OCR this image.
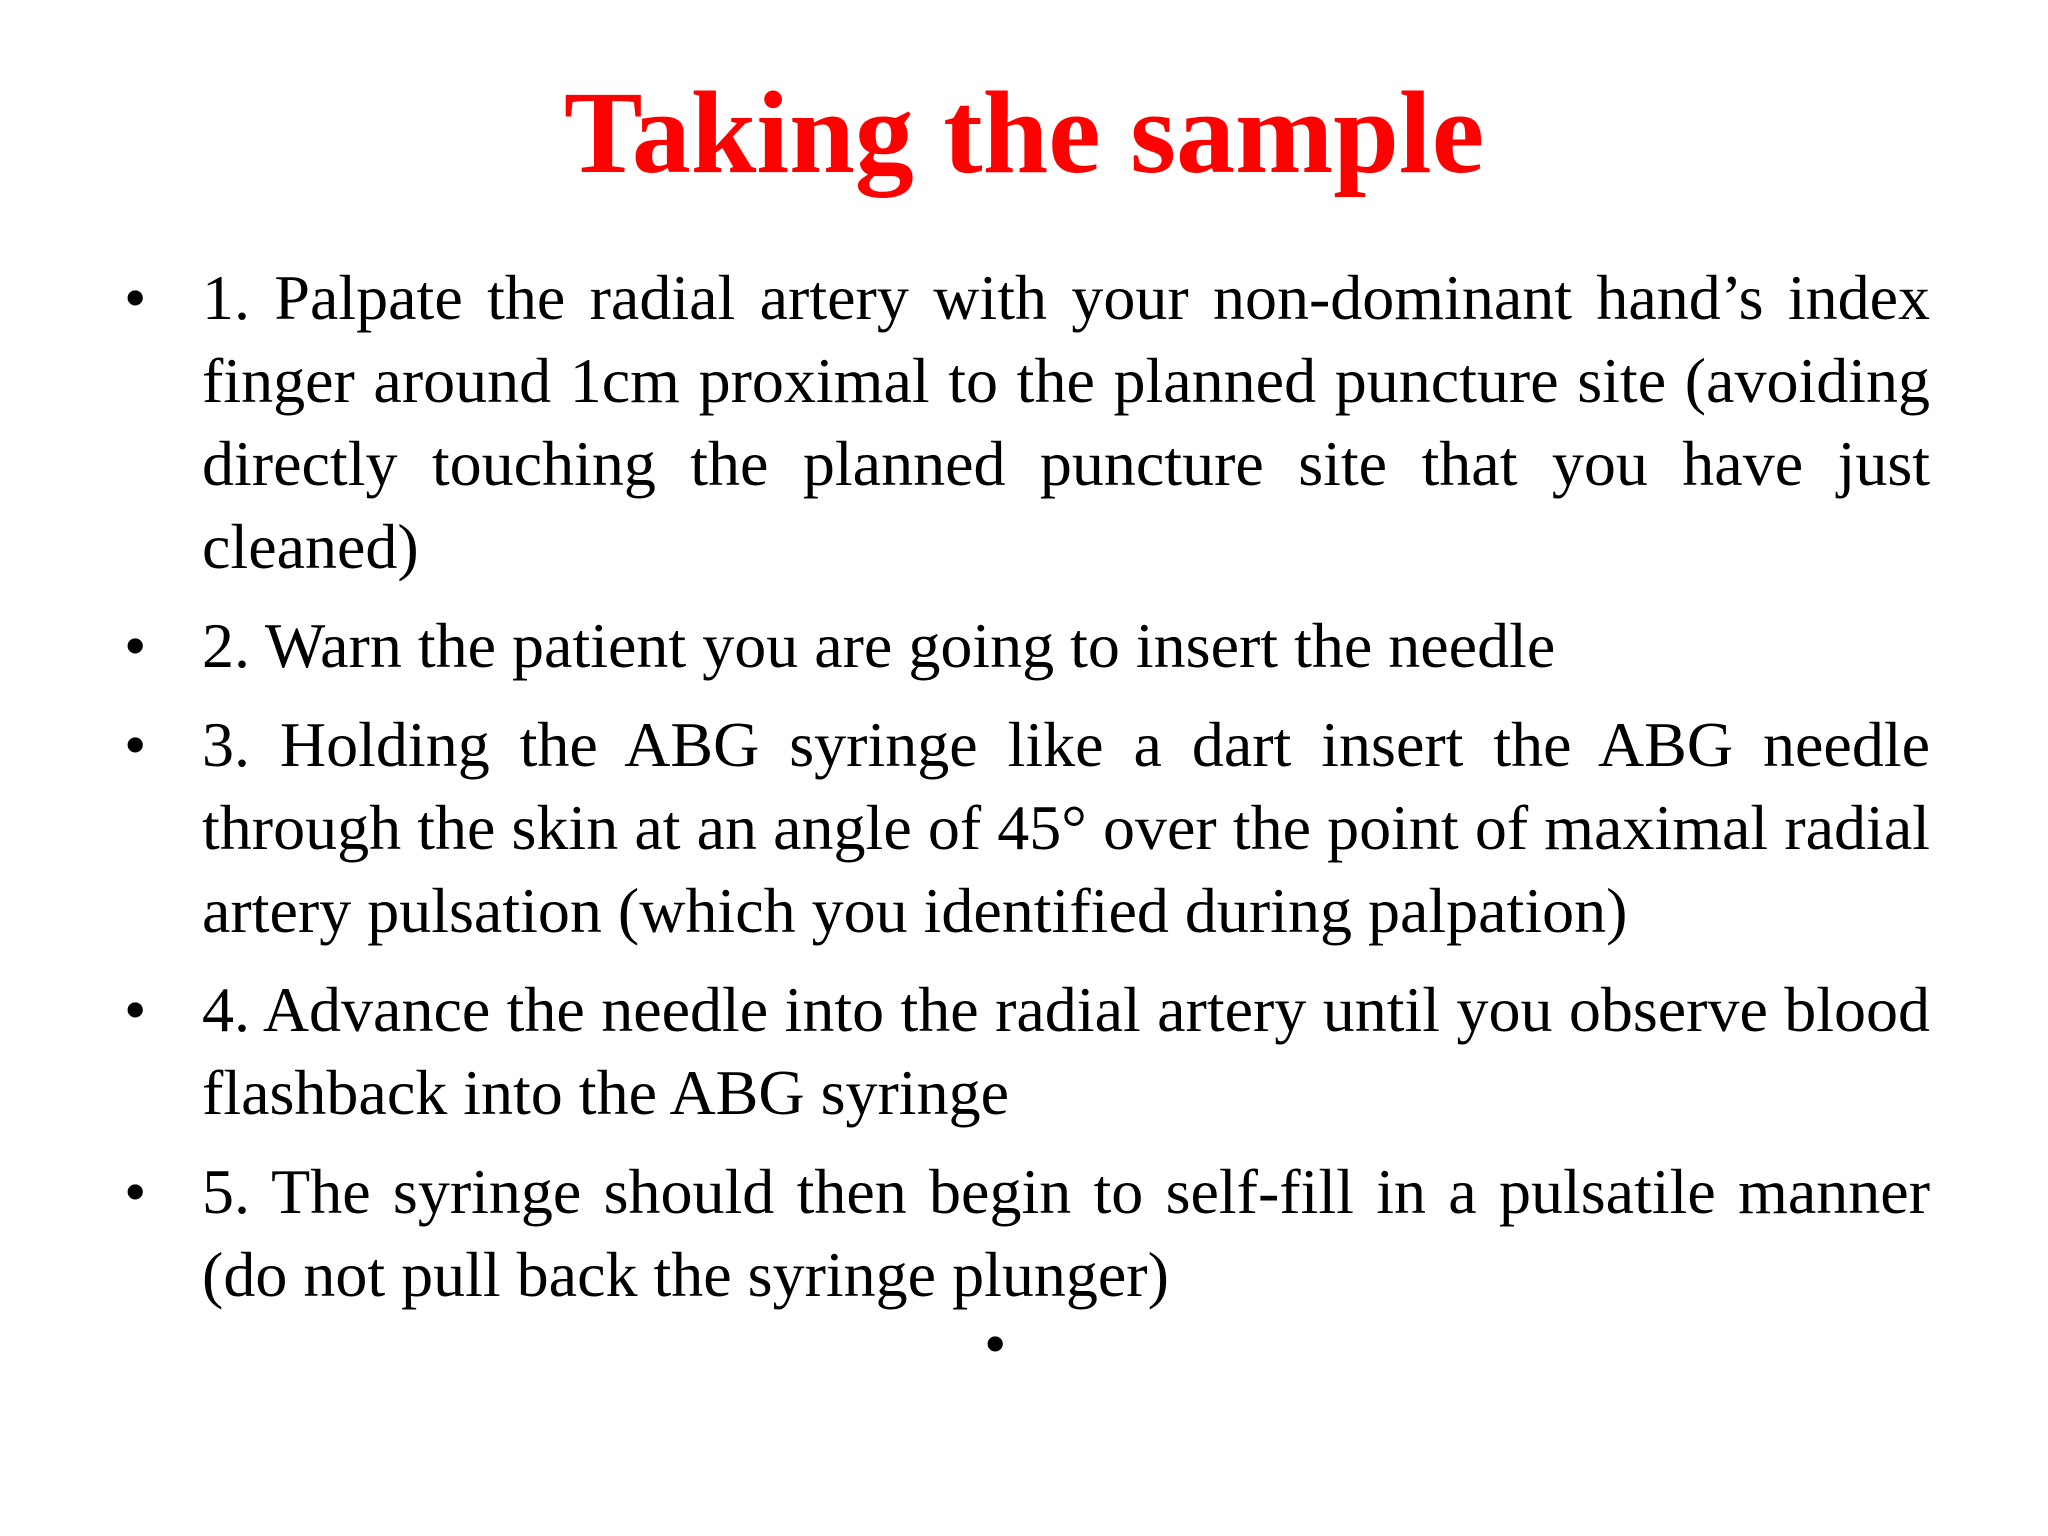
Taking the sample
• 1. Palpate the radial artery with your non-dominant hand’s index finger around 1cm proximal to the planned puncture site (avoiding directly touching the planned puncture site that you have just cleaned)
• 2. Warn the patient you are going to insert the needle
• 3. Holding the ABG syringe like a dart insert the ABG needle through the skin at an angle of 45° over the point of maximal radial artery pulsation (which you identified during palpation)
• 4. Advance the needle into the radial artery until you observe blood flashback into the ABG syringe
• 5. The syringe should then begin to self-fill in a pulsatile manner (do not pull back the syringe plunger)
•
